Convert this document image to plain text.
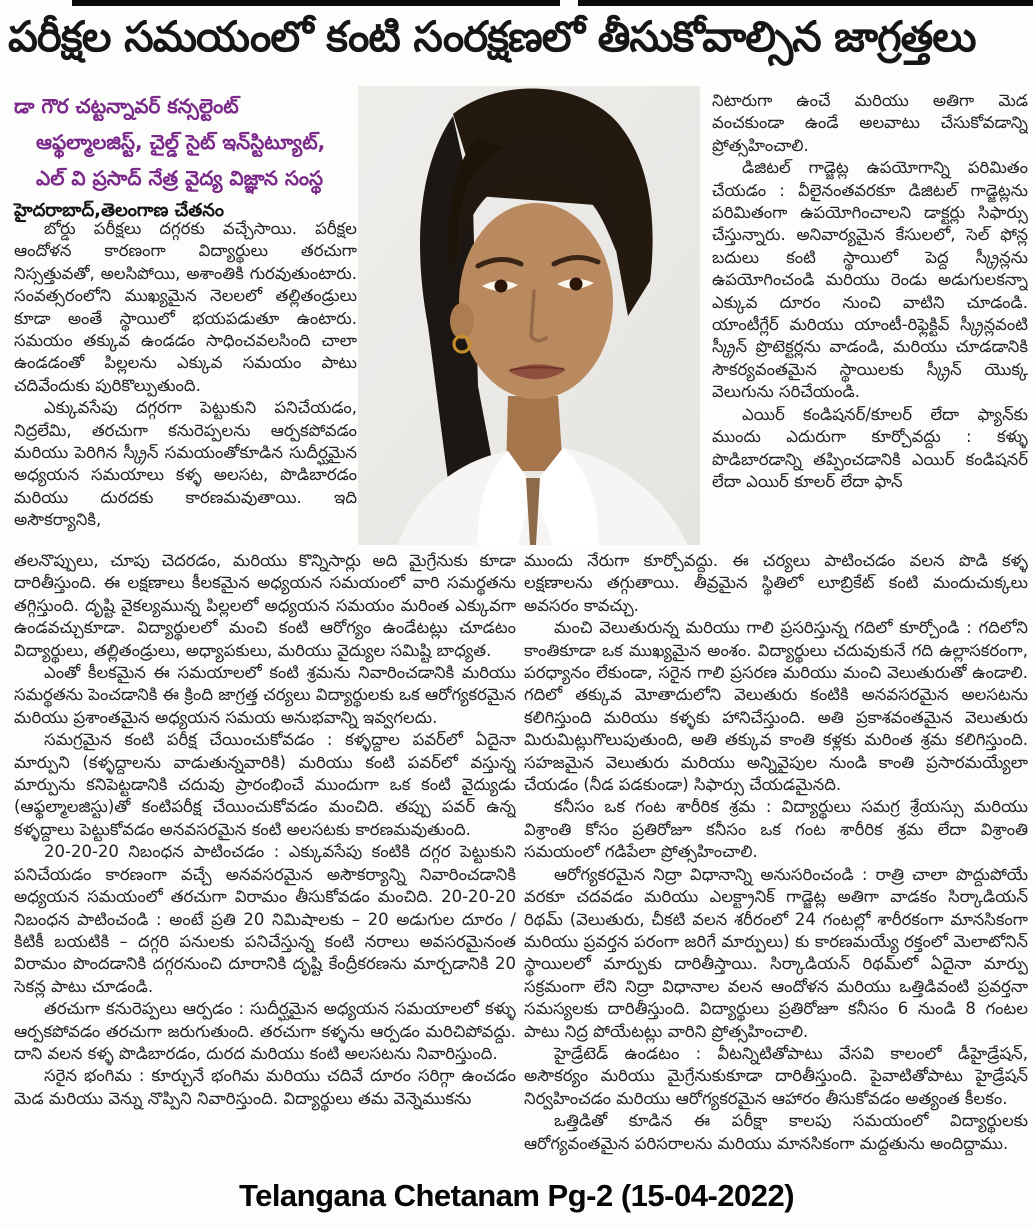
పరీక్షల సమయంలో కంటి సంరక్షణలో తీసుకోవాల్సిన జాగ్రత్తలు
డా గౌర చట్టన్నావర్ కన్సల్టెంట్
ఆఫ్థల్మాలజిస్ట్, చైల్డ్ సైట్ ఇన్‌స్టిట్యూట్,
ఎల్ వి ప్రసాద్ నేత్ర వైద్య విజ్ఞాన సంస్థ
హైదరాబాద్,తెలంగాణ చేతనం

బోర్డు పరీక్షలు దగ్గరకు వచ్చేసాయి. పరీక్షల ఆందోళన కారణంగా విద్యార్థులు తరచుగా నిస్సత్తువతో, అలసిపోయి, అశాంతికి గురవుతుంటారు. సంవత్సరంలోని ముఖ్యమైన నెలలలో తల్లితండ్రులు కూడా అంతే స్థాయిలో భయపడుతూ ఉంటారు. సమయం తక్కువ ఉండడం సాధించవలసింది చాలా ఉండడంతో పిల్లలను ఎక్కువ సమయం పాటు చదివేందుకు పురికొల్పుతుంది.

ఎక్కువసేపు దగ్గరగా పెట్టుకుని పనిచేయడం, నిద్రలేమి, తరచుగా కనురెప్పలను ఆర్పకపోవడం మరియు పెరిగిన స్క్రీన్ సమయంతోకూడిన సుదీర్ఘమైన అధ్యయన సమయాలు కళ్ళ అలసట, పొడిబారడం మరియు దురదకు కారణమవుతాయి. ఇది అసౌకర్యానికి,

నిటారుగా ఉంచే మరియు అతిగా మెడ వంచకుండా ఉండే అలవాటు చేసుకోవడాన్ని ప్రోత్సహించాలి.

డిజిటల్ గాడ్జెట్ల ఉపయోగాన్ని పరిమితం చేయడం : వీలైనంతవరకూ డిజిటల్ గాడ్జెట్లను పరిమితంగా ఉపయోగించాలని డాక్టర్లు సిఫార్సు చేస్తున్నారు. అనివార్యమైన కేసులలో, సెల్ ఫోన్ల బదులు కంటి స్థాయిలో పెద్ద స్క్రీన్లను ఉపయోగించండి మరియు రెండు అడుగులకన్నా ఎక్కువ దూరం నుంచి వాటిని చూడండి. యాంటీగ్లేర్ మరియు యాంటీ-రిఫ్లెక్టివ్ స్క్రీన్లవంటి స్క్రీన్ ప్రొటెక్టర్లను వాడండి, మరియు చూడడానికి సౌకర్యవంతమైన స్థాయిలకు స్క్రీన్ యొక్క వెలుగును సరిచేయండి.

ఎయిర్ కండిషనర్/కూలర్ లేదా ఫ్యాన్‌కు ముందు ఎదురుగా కూర్చోవద్దు : కళ్ళు పొడిబారడాన్ని తప్పించడానికి ఎయిర్ కండిషనర్ లేదా ఎయిర్ కూలర్ లేదా ఫాన్

తలనొప్పులు, చూపు చెదరడం, మరియు కొన్నిసార్లు అది మైగ్రేనుకు కూడా దారితీస్తుంది. ఈ లక్షణాలు కీలకమైన అధ్యయన సమయంలో వారి సమర్థతను తగ్గిస్తుంది. దృష్టి వైకల్యమున్న పిల్లలలో అధ్యయన సమయం మరింత ఎక్కువగా ఉండవచ్చుకూడా. విద్యార్థులలో మంచి కంటి ఆరోగ్యం ఉండేటట్లు చూడటం విద్యార్థులు, తల్లితండ్రులు, అధ్యాపకులు, మరియు వైద్యుల సమిష్టి బాధ్యత.

ఎంతో కీలకమైన ఈ సమయాలలో కంటి శ్రమను నివారించడానికి మరియు సమర్థతను పెంచడానికి ఈ క్రింది జాగ్రత్త చర్యలు విద్యార్థులకు ఒక ఆరోగ్యకరమైన మరియు ప్రశాంతమైన అధ్యయన సమయ అనుభవాన్ని ఇవ్వగలదు.

సమగ్రమైన కంటి పరీక్ష చేయించుకోవడం : కళ్ళద్దాల పవర్‌లో ఏదైనా మార్పుని (కళ్ళద్దాలను వాడుతున్నవారికి) మరియు కంటి పవర్‌లో వస్తున్న మార్పును కనిపెట్టడానికి చదువు ప్రారంభించే ముందుగా ఒక కంటి వైద్యుడు (ఆఫ్థల్మాలజిస్టు)తో కంటిపరీక్ష చేయించుకోవడం మంచిది. తప్పు పవర్ ఉన్న కళ్ళద్దాలు పెట్టుకోవడం అనవసరమైన కంటి అలసటకు కారణమవుతుంది.

20-20-20 నిబంధన పాటించడం : ఎక్కువసేపు కంటికి దగ్గర పెట్టుకుని పనిచేయడం కారణంగా వచ్చే అనవసరమైన అసౌకర్యాన్ని నివారించడానికి అధ్యయన సమయంలో తరచుగా విరామం తీసుకోవడం మంచిది. 20-20-20 నిబంధన పాటించండి : అంటే ప్రతి 20 నిమిషాలకు – 20 అడుగుల దూరం / కిటికీ బయటికి – దగ్గరి పనులకు పనిచేస్తున్న కంటి నరాలు అవసరమైనంత విరామం పొందడానికి దగ్గరనుంచి దూరానికి దృష్టి కేంద్రీకరణను మార్చడానికి 20 సెకన్ల పాటు చూడండి.

తరచుగా కనురెప్పలు ఆర్పడం : సుదీర్ఘమైన అధ్యయన సమయాలలో కళ్ళు ఆర్పకపోవడం తరచుగా జరుగుతుంది. తరచుగా కళ్ళను ఆర్పడం మరిచిపోవద్దు. దాని వలన కళ్ళ పొడిబారడం, దురద మరియు కంటి అలసటను నివారిస్తుంది.

సరైన భంగిమ : కూర్చునే భంగిమ మరియు చదివే దూరం సరిగ్గా ఉంచడం మెడ మరియు వెన్ను నొప్పిని నివారిస్తుంది. విద్యార్థులు తమ వెన్నెముకను

ముందు నేరుగా కూర్చోవద్దు. ఈ చర్యలు పాటించడం వలన పొడి కళ్ళ లక్షణాలను తగ్గుతాయి. తీవ్రమైన స్థితిలో లూబ్రికేట్ కంటి మందుచుక్కలు అవసరం కావచ్చు.

మంచి వెలుతురున్న మరియు గాలి ప్రసరిస్తున్న గదిలో కూర్చోండి : గదిలోని కాంతికూడా ఒక ముఖ్యమైన అంశం. విద్యార్థులు చదువుకునే గది ఉల్లాసకరంగా, పరధ్యానం లేకుండా, సరైన గాలి ప్రసరణ మరియు మంచి వెలుతురుతో ఉండాలి. గదిలో తక్కువ మోతాదులోని వెలుతురు కంటికి అనవసరమైన అలసటను కలిగిస్తుంది మరియు కళ్ళకు హానిచేస్తుంది. అతి ప్రకాశవంతమైన వెలుతురు మిరుమిట్లుగొలుపుతుంది, అతి తక్కువ కాంతి కళ్లకు మరింత శ్రమ కలిగిస్తుంది. సహజమైన వెలుతురు మరియు అన్నివైపుల నుండి కాంతి ప్రసారమయ్యేలా చేయడం (నీడ పడకుండా) సిఫార్సు చేయడమైనది.

కనీసం ఒక గంట శారీరిక శ్రమ : విద్యార్థులు సమగ్ర శ్రేయస్సు మరియు విశ్రాంతి కోసం ప్రతిరోజూ కనీసం ఒక గంట శారీరిక శ్రమ లేదా విశ్రాంతి సమయంలో గడిపేలా ప్రోత్సహించాలి.

ఆరోగ్యకరమైన నిద్రా విధానాన్ని అనుసరించండి : రాత్రి చాలా పొద్దుపోయే వరకూ చదవడం మరియు ఎలక్ట్రానిక్ గాడ్జెట్ల అతిగా వాడకం సిర్కాడియన్ రిథమ్ (వెలుతురు, చీకటి వలన శరీరంలో 24 గంటల్లో శారీరకంగా మానసికంగా మరియు ప్రవర్తన పరంగా జరిగే మార్పులు) కు కారణమయ్యే రక్తంలో మెలాటోనిన్ స్థాయిలలో మార్పుకు దారితీస్తాయి. సిర్కాడియన్ రిథమ్‌లో ఏదైనా మార్పు సక్రమంగా లేని నిద్రా విధానాల వలన ఆందోళన మరియు ఒత్తిడివంటి ప్రవర్తనా సమస్యలకు దారితీస్తుంది. విద్యార్థులు ప్రతిరోజూ కనీసం 6 నుండి 8 గంటల పాటు నిద్ర పోయేటట్లు వారిని ప్రోత్సహించాలి.

హైడ్రేటెడ్ ఉండటం : వీటన్నిటితోపాటు వేసవి కాలంలో డీహైడ్రేషన్, అసౌకర్యం మరియు మైగ్రేనుకుకూడా దారితీస్తుంది. పైవాటితోపాటు హైడ్రేషన్ నిర్వహించడం మరియు ఆరోగ్యకరమైన ఆహారం తీసుకోవడం అత్యంత కీలకం.

ఒత్తిడితో కూడిన ఈ పరీక్షా కాలపు సమయంలో విద్యార్థులకు ఆరోగ్యవంతమైన పరిసరాలను మరియు మానసికంగా మద్దతును అందిద్దాము.

Telangana Chetanam Pg-2 (15-04-2022)
